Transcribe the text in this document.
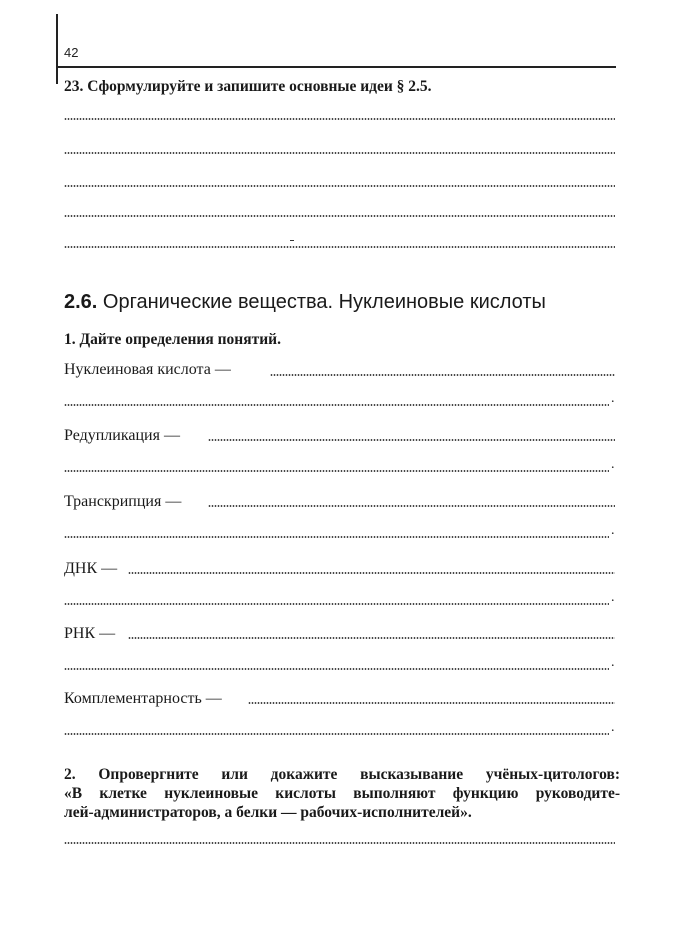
42
23. Сформулируйте и запишите основные идеи § 2.5.
2.6. Органические вещества. Нуклеиновые кислоты
1. Дайте определения понятий.
Нуклеиновая кислота —
.
Редупликация —
.
Транскрипция —
.
ДНК —
.
РНК —
.
Комплементарность —
.
2. Опровергните или докажите высказывание учёных-цитологов:
«В клетке нуклеиновые кислоты выполняют функцию руководите-
лей-администраторов, а белки — рабочих-исполнителей».
